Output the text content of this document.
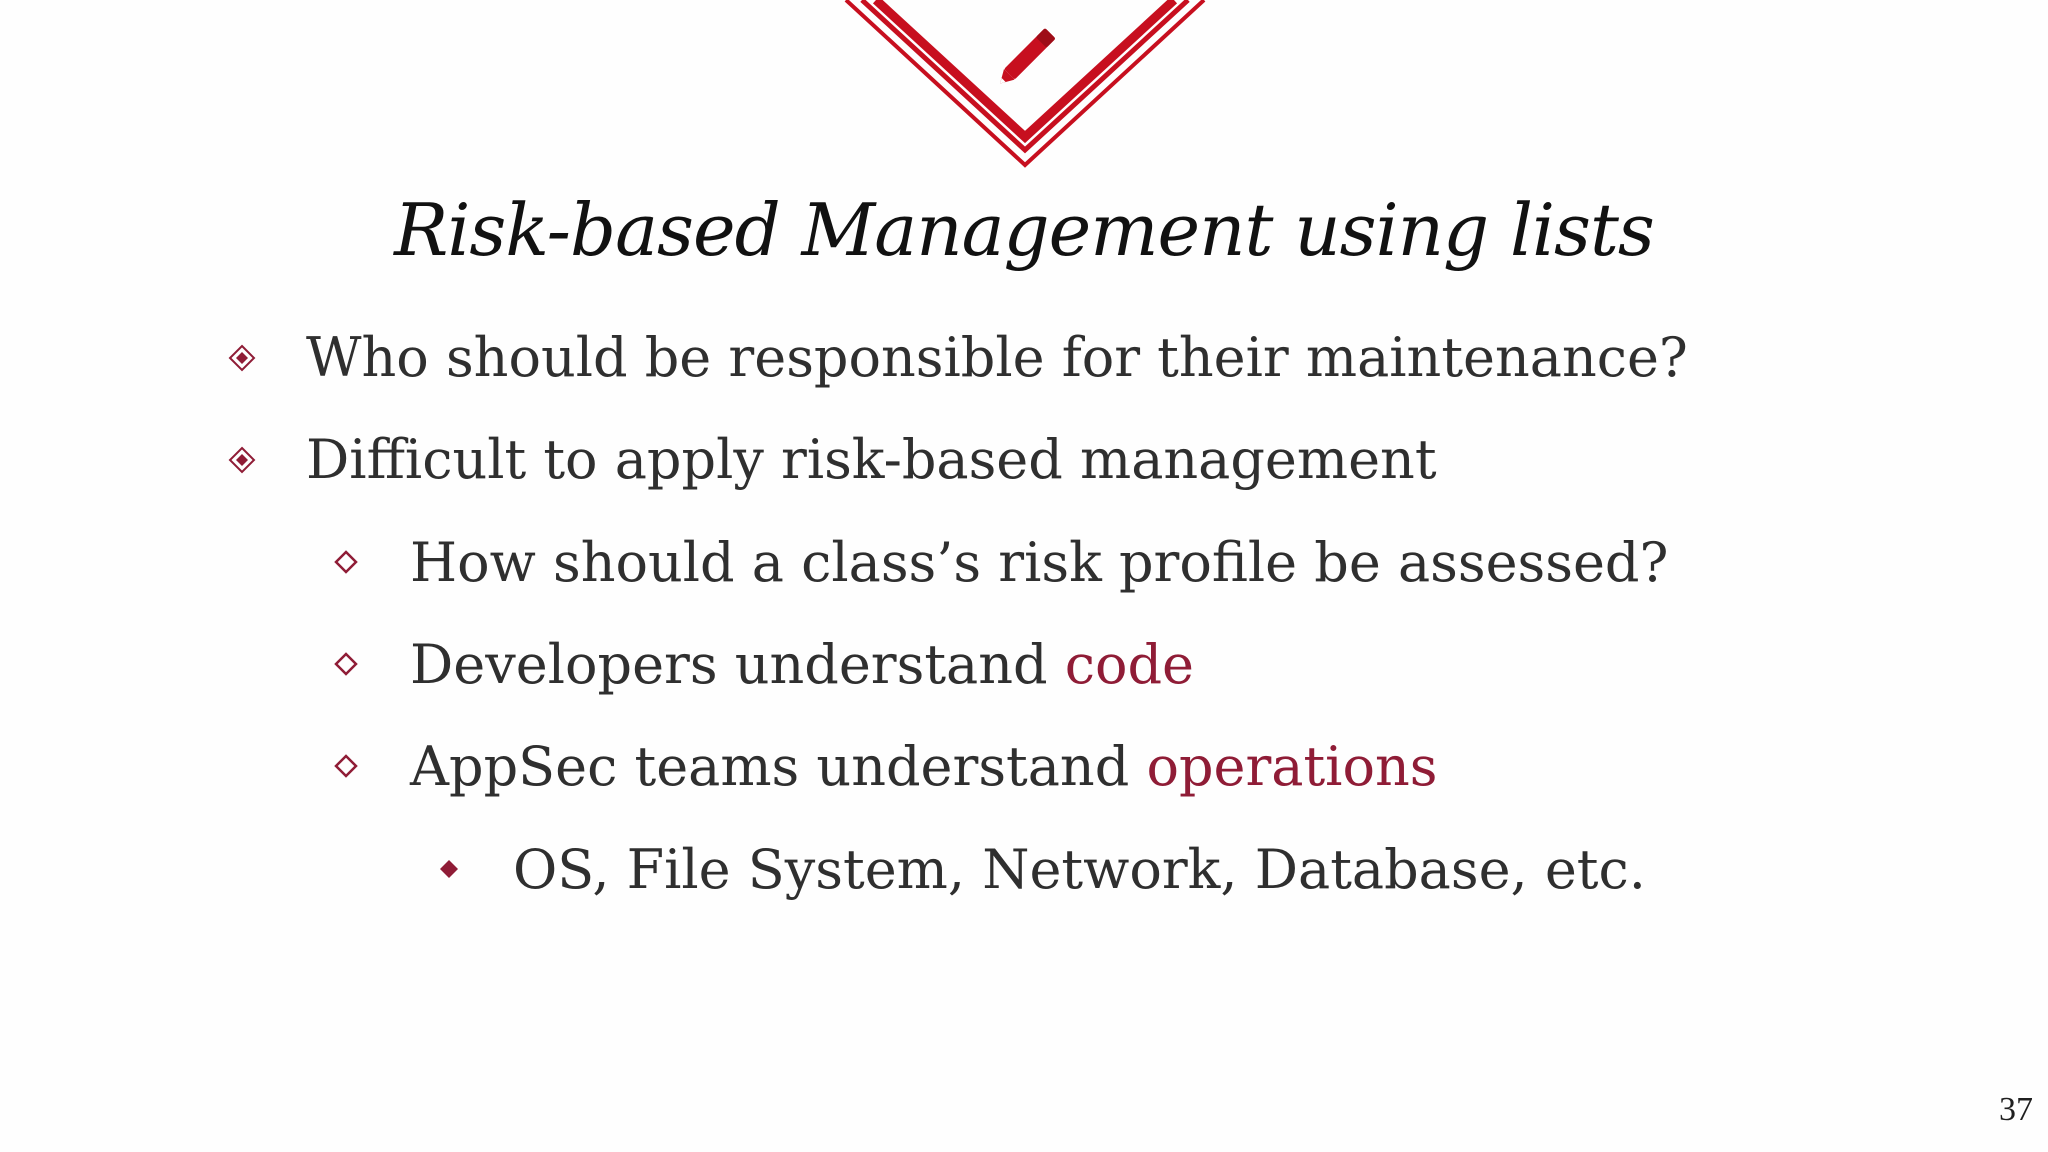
Risk-based Management using lists
Who should be responsible for their maintenance?
Difficult to apply risk-based management
How should a class’s risk profile be assessed?
Developers understand code
AppSec teams understand operations
OS, File System, Network, Database, etc.
37
